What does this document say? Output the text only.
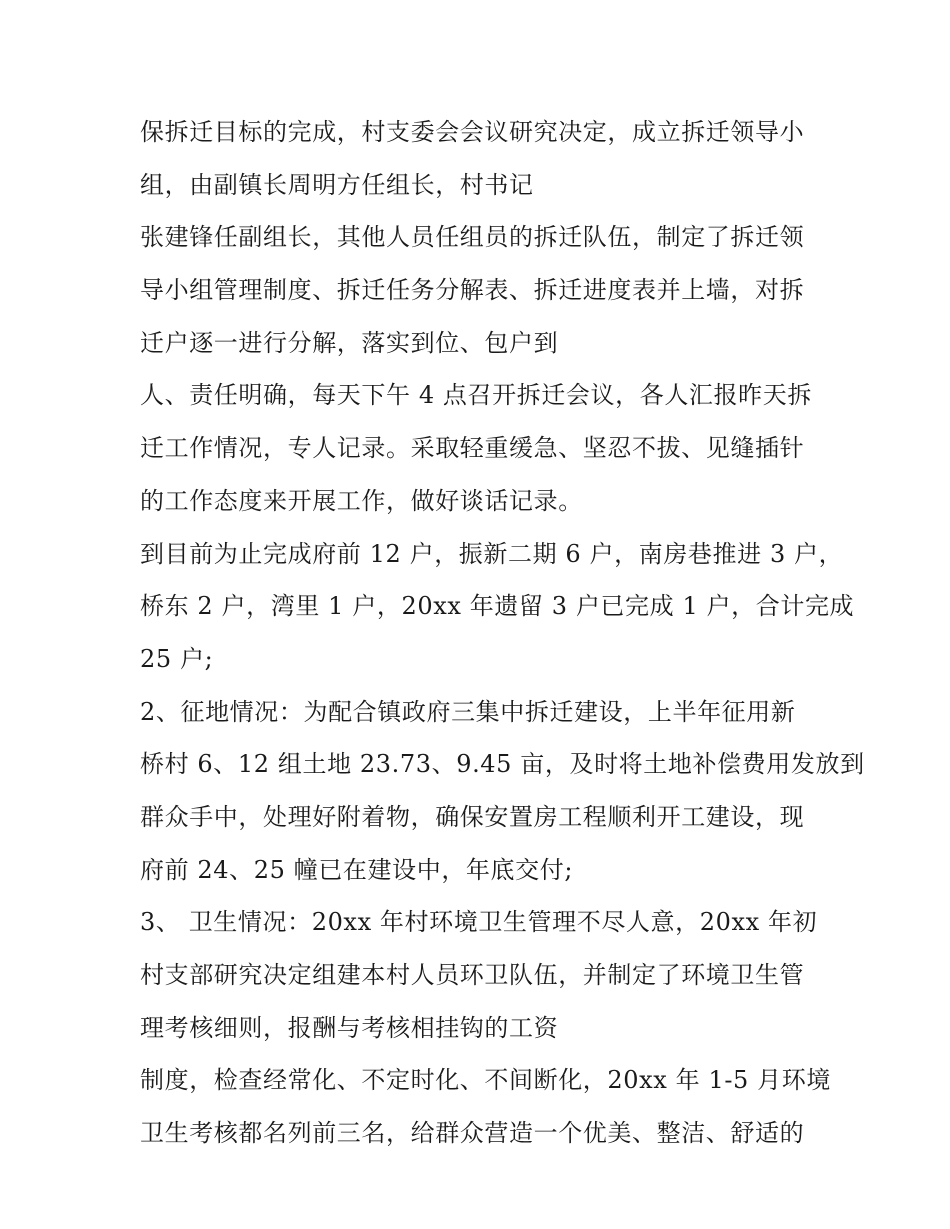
保拆迁目标的完成，村支委会会议研究决定，成立拆迁领导小
组，由副镇长周明方任组长，村书记
张建锋任副组长，其他人员任组员的拆迁队伍，制定了拆迁领
导小组管理制度、拆迁任务分解表、拆迁进度表并上墙，对拆
迁户逐一进行分解，落实到位、包户到
人、责任明确，每天下午 4 点召开拆迁会议，各人汇报昨天拆
迁工作情况，专人记录。采取轻重缓急、坚忍不拔、见缝插针
的工作态度来开展工作，做好谈话记录。
到目前为止完成府前 12 户，振新二期 6 户，南房巷推进 3 户，
桥东 2 户，湾里 1 户，20xx 年遗留 3 户已完成 1 户，合计完成
25 户;
2、征地情况：为配合镇政府三集中拆迁建设，上半年征用新
桥村 6、12 组土地 23.73、9.45 亩，及时将土地补偿费用发放到
群众手中，处理好附着物，确保安置房工程顺利开工建设，现
府前 24、25 幢已在建设中，年底交付;
3、 卫生情况：20xx 年村环境卫生管理不尽人意，20xx 年初
村支部研究决定组建本村人员环卫队伍，并制定了环境卫生管
理考核细则，报酬与考核相挂钩的工资
制度，检查经常化、不定时化、不间断化，20xx 年 1-5 月环境
卫生考核都名列前三名，给群众营造一个优美、整洁、舒适的
